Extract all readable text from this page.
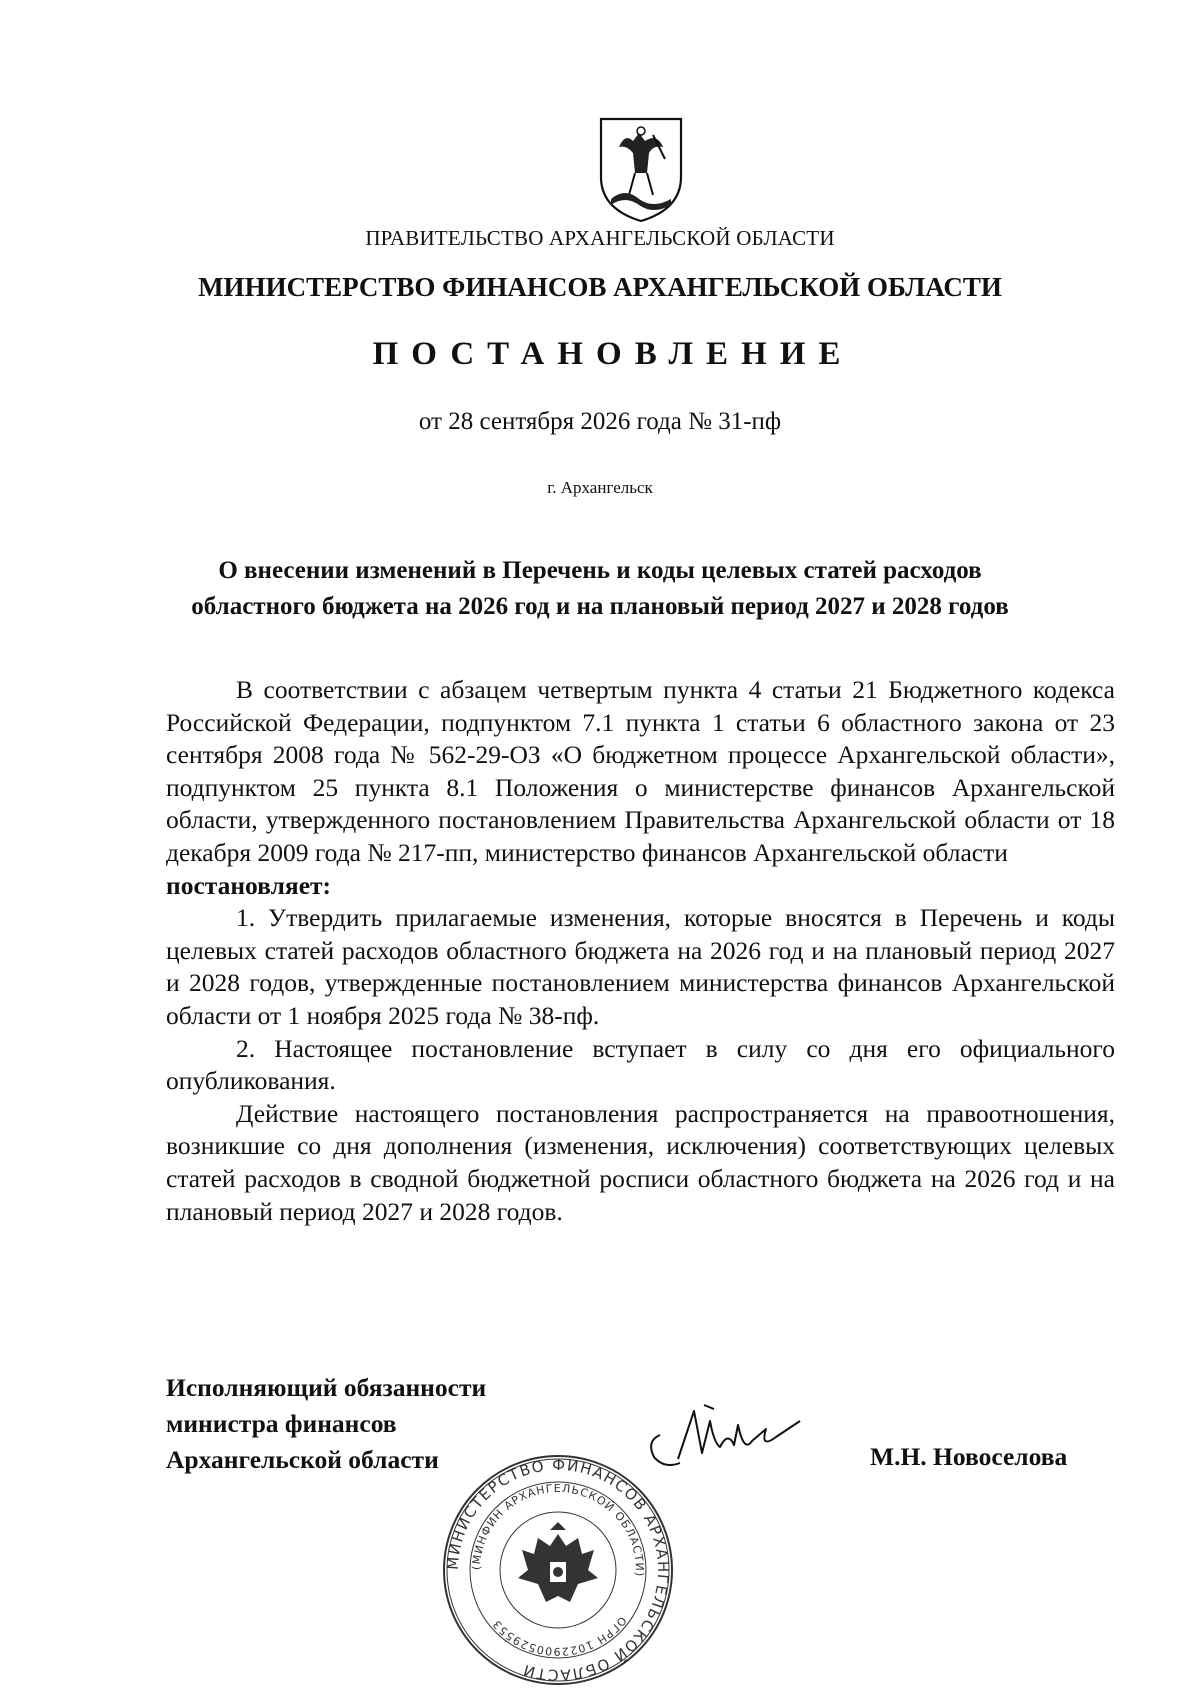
ПРАВИТЕЛЬСТВО АРХАНГЕЛЬСКОЙ ОБЛАСТИ
МИНИСТЕРСТВО ФИНАНСОВ АРХАНГЕЛЬСКОЙ ОБЛАСТИ
ПОСТАНОВЛЕНИЕ
от 28 сентября 2026 года № 31-пф
г. Архангельск
О внесении изменений в Перечень и коды целевых статей расходов
областного бюджета на 2026 год и на плановый период 2027 и 2028 годов

В соответствии с абзацем четвертым пункта 4 статьи 21 Бюджетного кодекса Российской Федерации, подпунктом 7.1 пункта 1 статьи 6 областного закона от 23 сентября 2008 года № 562-29-ОЗ «О бюджетном процессе Архангельской области», подпунктом 25 пункта 8.1 Положения о министерстве финансов Архангельской области, утвержденного постановлением Правительства Архангельской области от 18 декабря 2009 года № 217-пп, министерство финансов Архангельской области

постановляет:

1. Утвердить прилагаемые изменения, которые вносятся в Перечень и коды целевых статей расходов областного бюджета на 2026 год и на плановый период 2027 и 2028 годов, утвержденные постановлением министерства финансов Архангельской области от 1 ноября 2025 года № 38-пф.

2. Настоящее постановление вступает в силу со дня его официального опубликования.

Действие настоящего постановления распространяется на правоотношения, возникшие со дня дополнения (изменения, исключения) соответствующих целевых статей расходов в сводной бюджетной росписи областного бюджета на 2026 год и на плановый период 2027 и 2028 годов.

Исполняющий обязанности
министра финансов
Архангельской области	М.Н. Новоселова
МИНИСТЕРСТВО ФИНАНСОВ АРХАНГЕЛЬСКОЙ ОБЛАСТИ
(МИНФИН АРХАНГЕЛЬСКОЙ ОБЛАСТИ)
ОГРН 1022900529553
